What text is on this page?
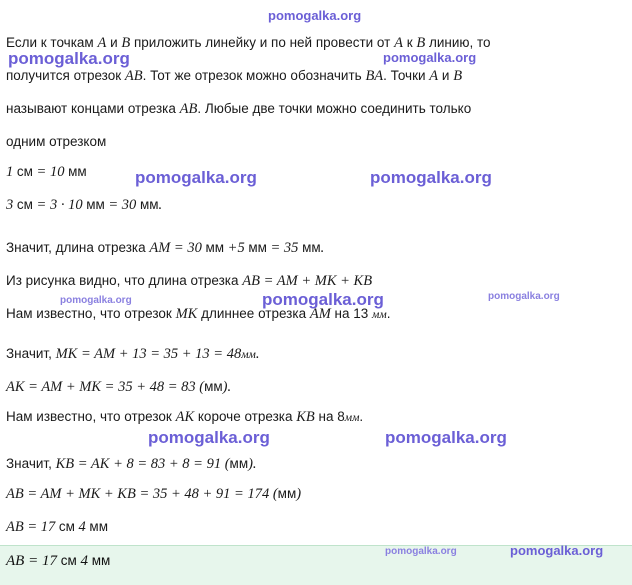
Если к точкам A и B приложить линейку и по ней провести от A к B линию, то
получится отрезок AB. Тот же отрезок можно обозначить BA. Точки A и B
называют концами отрезка AB. Любые две точки можно соединить только
одним отрезком
1 см = 10 мм
3 см = 3 · 10 мм = 30 мм.
Значит, длина отрезка AM = 30 мм +5 мм = 35 мм.
Из рисунка видно, что длина отрезка AB = AM + MK + KB
Нам известно, что отрезок MK длиннее отрезка AM на 13 мм.
Значит, MK = AM + 13 = 35 + 13 = 48мм.
AK = AM + MK = 35 + 48 = 83 (мм).
Нам известно, что отрезок AK короче отрезка KB на 8мм.
Значит, KB = AK + 8 = 83 + 8 = 91 (мм).
AB = AM + MK + KB = 35 + 48 + 91 = 174 (мм)
AB = 17 см 4 мм
AB = 17 см 4 мм
pomogalka.org
pomogalka.org	pomogalka.org
pomogalka.org	pomogalka.org
pomogalka.org	pomogalka.org	pomogalka.org
pomogalka.org	pomogalka.org
pomogalka.org	pomogalka.org
